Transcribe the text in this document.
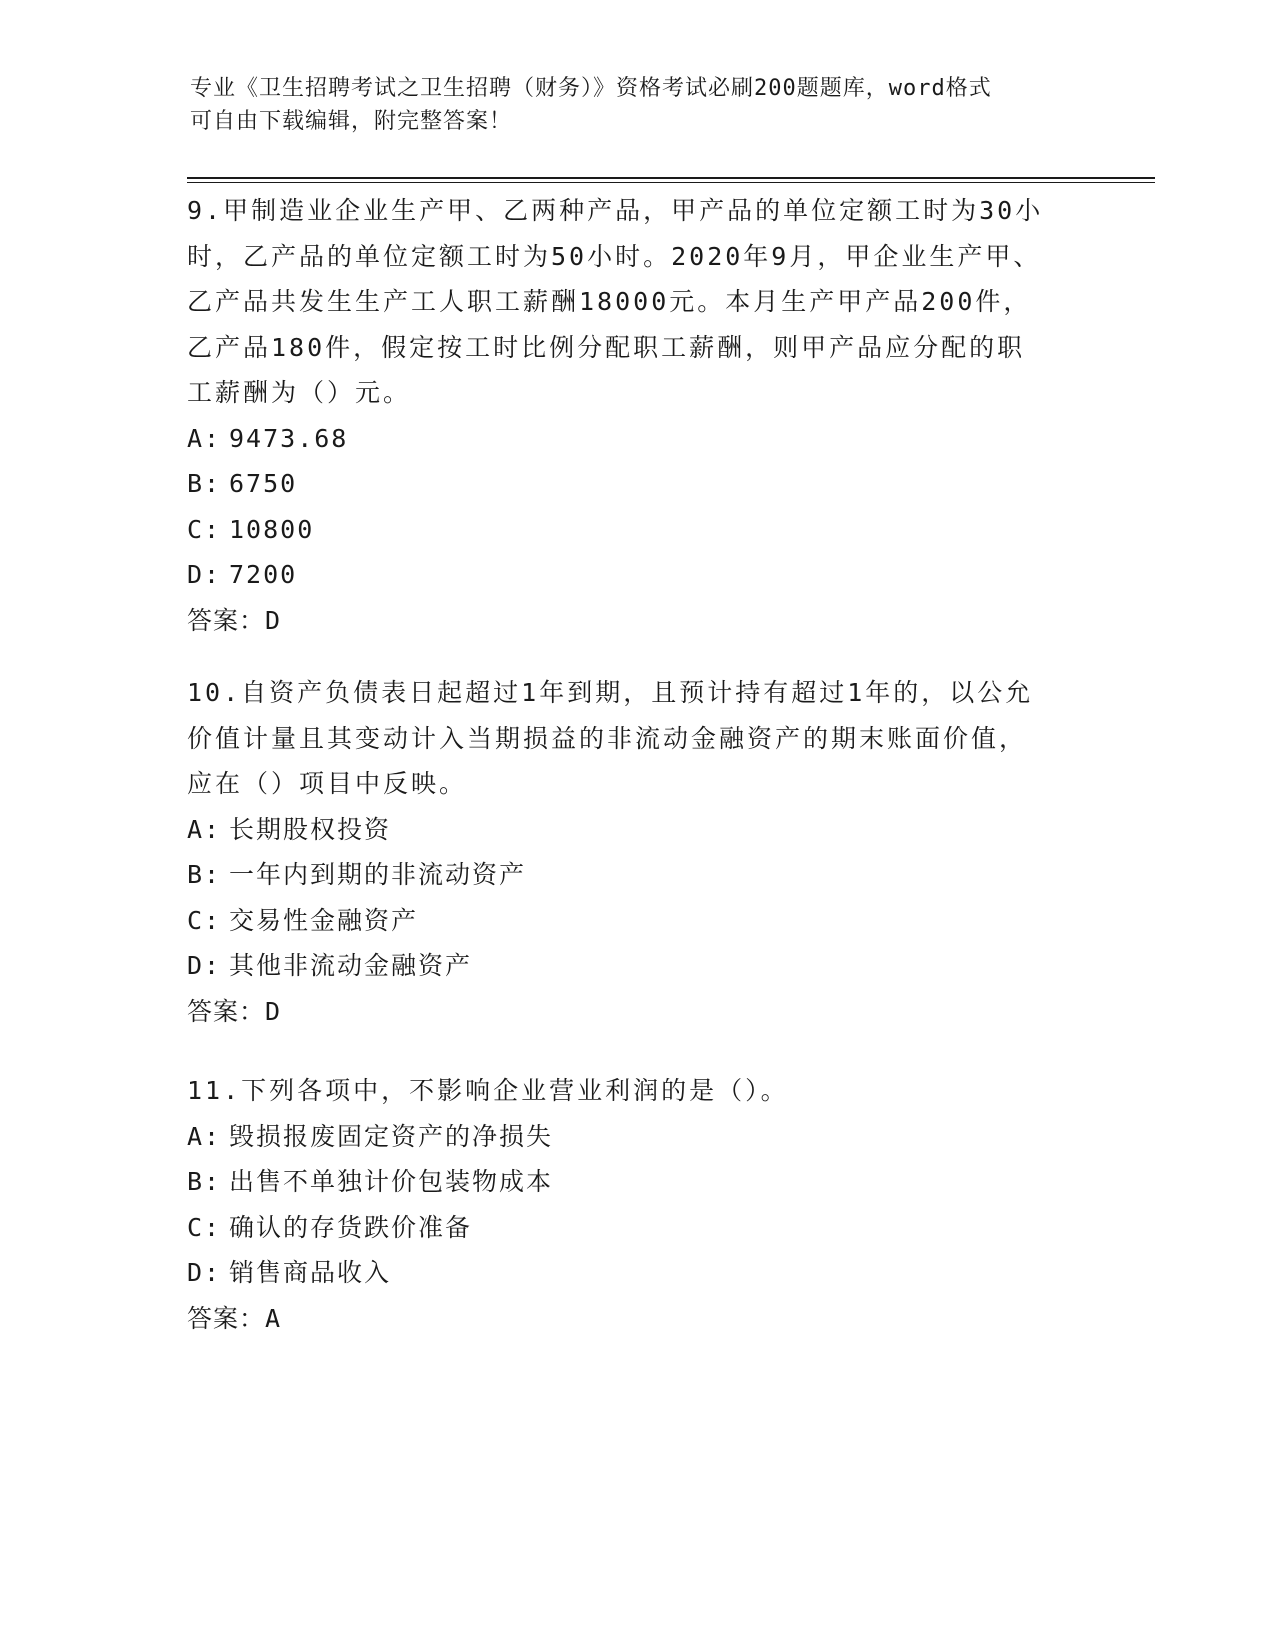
专业《卫生招聘考试之卫生招聘（财务）》资格考试必刷200题题库，word格式
可自由下载编辑，附完整答案！
9.甲制造业企业生产甲、乙两种产品，甲产品的单位定额工时为30小
时，乙产品的单位定额工时为50小时。2020年9月，甲企业生产甲、
乙产品共发生生产工人职工薪酬18000元。本月生产甲产品200件，
乙产品180件，假定按工时比例分配职工薪酬，则甲产品应分配的职
工薪酬为（）元。
A: 9473.68
B: 6750
C: 10800
D: 7200
答案：D
10.自资产负债表日起超过1年到期，且预计持有超过1年的，以公允
价值计量且其变动计入当期损益的非流动金融资产的期末账面价值，
应在（）项目中反映。
A: 长期股权投资
B: 一年内到期的非流动资产
C: 交易性金融资产
D: 其他非流动金融资产
答案：D
11.下列各项中，不影响企业营业利润的是（）。
A: 毁损报废固定资产的净损失
B: 出售不单独计价包装物成本
C: 确认的存货跌价准备
D: 销售商品收入
答案：A
